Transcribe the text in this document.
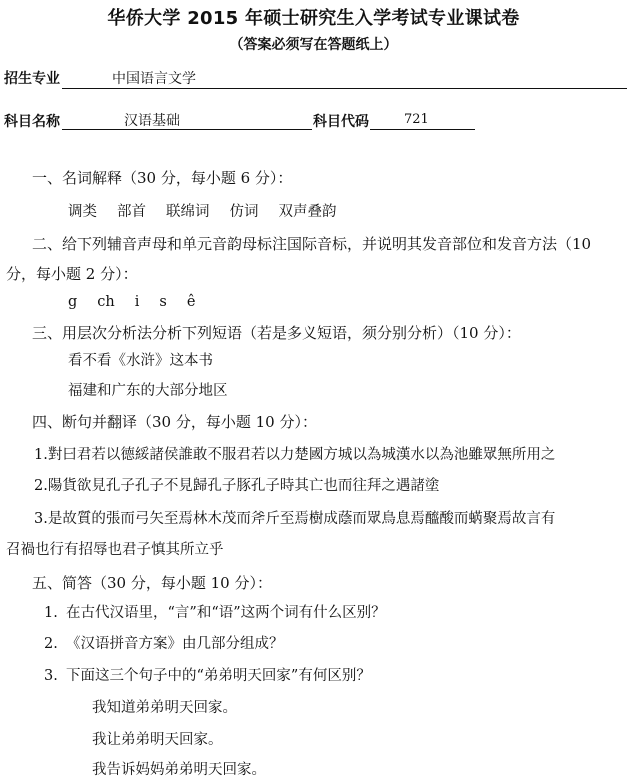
华侨大学 2015 年硕士研究生入学考试专业课试卷
（答案必须写在答题纸上）
招生专业	中国语言文学
科目名称	汉语基础	科目代码	721
一、名词解释（30 分，每小题 6 分）：
调类 部首 联绵词 仿词 双声叠韵
二、给下列辅音声母和单元音韵母标注国际音标，并说明其发音部位和发音方法（10
分，每小题 2 分）：
g ch i s ê
三、用层次分析法分析下列短语（若是多义短语，须分别分析）（10 分）：
看不看《水浒》这本书
福建和广东的大部分地区
四、断句并翻译（30 分，每小题 10 分）：
1.對曰君若以德綏諸侯誰敢不服君若以力楚國方城以為城漢水以為池雖眾無所用之
2.陽貨欲見孔子孔子不見歸孔子豚孔子時其亡也而往拜之遇諸塗
3.是故質的張而弓矢至焉林木茂而斧斤至焉樹成蔭而眾鳥息焉醯酸而蜹聚焉故言有
召禍也行有招辱也君子慎其所立乎
五、简答（30 分，每小题 10 分）：
1. 在古代汉语里，“言”和“语”这两个词有什么区别？
2. 《汉语拼音方案》由几部分组成？
3. 下面这三个句子中的“弟弟明天回家”有何区别？
我知道弟弟明天回家。
我让弟弟明天回家。
我告诉妈妈弟弟明天回家。
